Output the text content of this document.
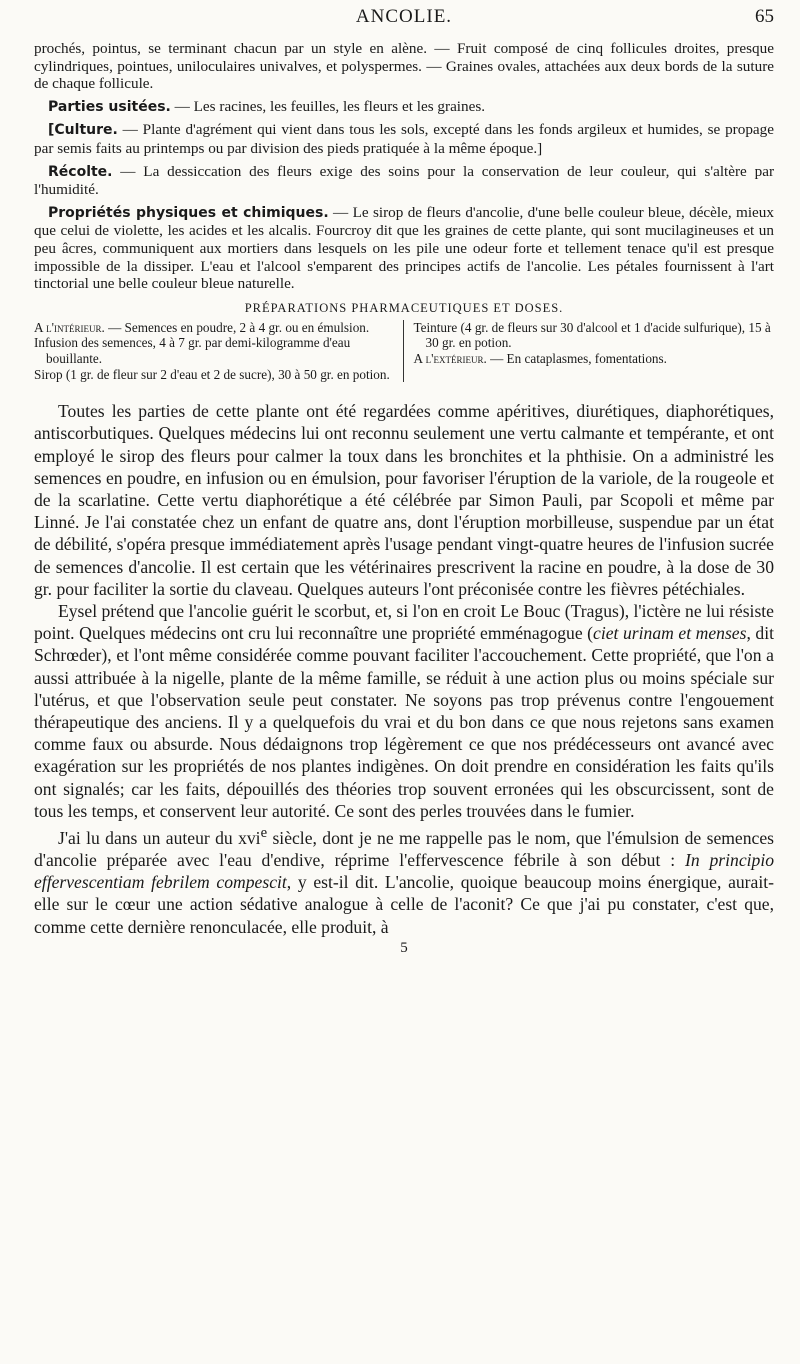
ANCOLIE.	65

prochés, pointus, se terminant chacun par un style en alène. — Fruit composé de cinq follicules droites, presque cylindriques, pointues, uniloculaires univalves, et polyspermes. — Graines ovales, attachées aux deux bords de la suture de chaque follicule.

Parties usitées. — Les racines, les feuilles, les fleurs et les graines.

[Culture. — Plante d'agrément qui vient dans tous les sols, excepté dans les fonds argileux et humides, se propage par semis faits au printemps ou par division des pieds pratiquée à la même époque.]

Récolte. — La dessiccation des fleurs exige des soins pour la conservation de leur couleur, qui s'altère par l'humidité.

Propriétés physiques et chimiques. — Le sirop de fleurs d'ancolie, d'une belle couleur bleue, décèle, mieux que celui de violette, les acides et les alcalis. Fourcroy dit que les graines de cette plante, qui sont mucilagineuses et un peu âcres, communiquent aux mortiers dans lesquels on les pile une odeur forte et tellement tenace qu'il est presque impossible de la dissiper. L'eau et l'alcool s'emparent des principes actifs de l'ancolie. Les pétales fournissent à l'art tinctorial une belle couleur bleue naturelle.

PRÉPARATIONS PHARMACEUTIQUES ET DOSES.

A l'intérieur. — Semences en poudre, 2 à 4 gr. ou en émulsion.

Infusion des semences, 4 à 7 gr. par demi-kilogramme d'eau bouillante.

Sirop (1 gr. de fleur sur 2 d'eau et 2 de sucre), 30 à 50 gr. en potion.

Teinture (4 gr. de fleurs sur 30 d'alcool et 1 d'acide sulfurique), 15 à 30 gr. en potion.

A l'extérieur. — En cataplasmes, fomentations.

Toutes les parties de cette plante ont été regardées comme apéritives, diurétiques, diaphorétiques, antiscorbutiques. Quelques médecins lui ont reconnu seulement une vertu calmante et tempérante, et ont employé le sirop des fleurs pour calmer la toux dans les bronchites et la phthisie. On a administré les semences en poudre, en infusion ou en émulsion, pour favoriser l'éruption de la variole, de la rougeole et de la scarlatine. Cette vertu diaphorétique a été célébrée par Simon Pauli, par Scopoli et même par Linné. Je l'ai constatée chez un enfant de quatre ans, dont l'éruption morbilleuse, suspendue par un état de débilité, s'opéra presque immédiatement après l'usage pendant vingt-quatre heures de l'infusion sucrée de semences d'ancolie. Il est certain que les vétérinaires prescrivent la racine en poudre, à la dose de 30 gr. pour faciliter la sortie du claveau. Quelques auteurs l'ont préconisée contre les fièvres pétéchiales.

Eysel prétend que l'ancolie guérit le scorbut, et, si l'on en croit Le Bouc (Tragus), l'ictère ne lui résiste point. Quelques médecins ont cru lui reconnaître une propriété emménagogue (ciet urinam et menses, dit Schrœder), et l'ont même considérée comme pouvant faciliter l'accouchement. Cette propriété, que l'on a aussi attribuée à la nigelle, plante de la même famille, se réduit à une action plus ou moins spéciale sur l'utérus, et que l'observation seule peut constater. Ne soyons pas trop prévenus contre l'engouement thérapeutique des anciens. Il y a quelquefois du vrai et du bon dans ce que nous rejetons sans examen comme faux ou absurde. Nous dédaignons trop légèrement ce que nos prédécesseurs ont avancé avec exagération sur les propriétés de nos plantes indigènes. On doit prendre en considération les faits qu'ils ont signalés; car les faits, dépouillés des théories trop souvent erronées qui les obscurcissent, sont de tous les temps, et conservent leur autorité. Ce sont des perles trouvées dans le fumier.

J'ai lu dans un auteur du xvi$^e$ siècle, dont je ne me rappelle pas le nom, que l'émulsion de semences d'ancolie préparée avec l'eau d'endive, réprime l'effervescence fébrile à son début : In principio effervescentiam febrilem compescit, y est-il dit. L'ancolie, quoique beaucoup moins énergique, aurait-elle sur le cœur une action sédative analogue à celle de l'aconit? Ce que j'ai pu constater, c'est que, comme cette dernière renonculacée, elle produit, à

5
